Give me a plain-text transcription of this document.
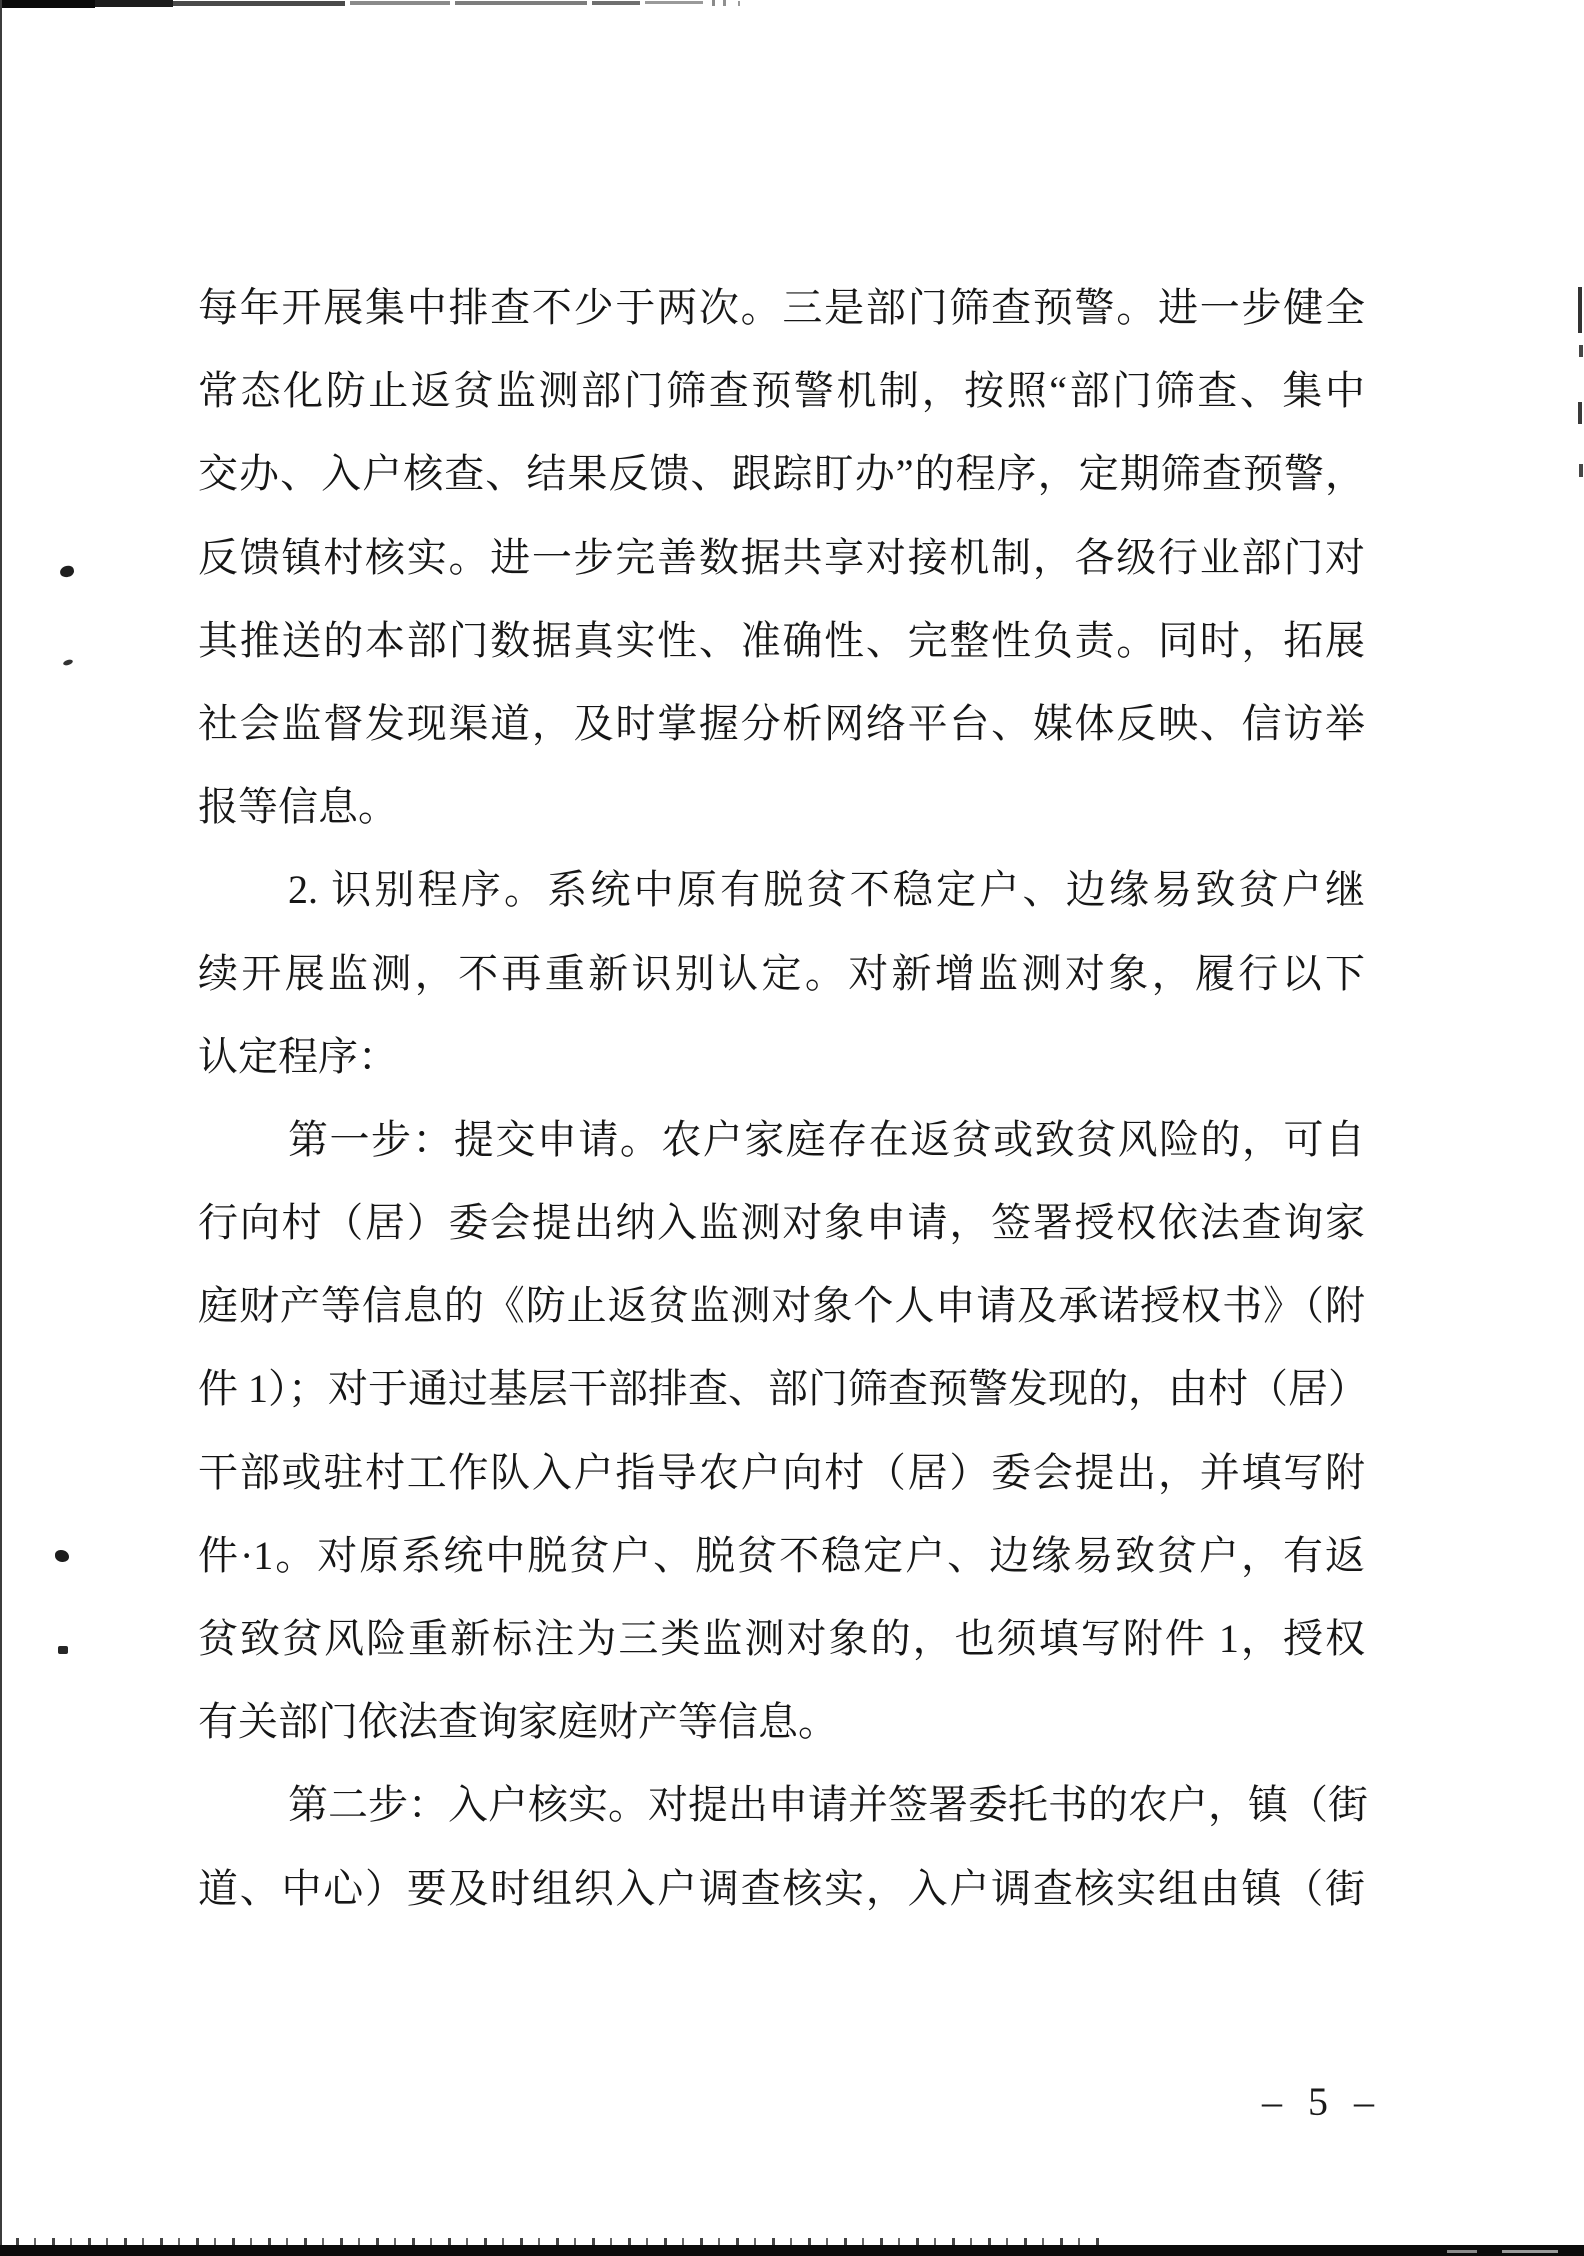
每年开展集中排查不少于两次。三是部门筛查预警。进一步健全
常态化防止返贫监测部门筛查预警机制，按照“部门筛查、集中
交办、入户核查、结果反馈、跟踪盯办”的程序，定期筛查预警，
反馈镇村核实。进一步完善数据共享对接机制，各级行业部门对
其推送的本部门数据真实性、准确性、完整性负责。同时，拓展
社会监督发现渠道，及时掌握分析网络平台、媒体反映、信访举
报等信息。
2. 识别程序。系统中原有脱贫不稳定户、边缘易致贫户继
续开展监测，不再重新识别认定。对新增监测对象，履行以下
认定程序：
第一步：提交申请。农户家庭存在返贫或致贫风险的，可自
行向村（居）委会提出纳入监测对象申请，签署授权依法查询家
庭财产等信息的《防止返贫监测对象个人申请及承诺授权书》（附
件 1）；对于通过基层干部排查、部门筛查预警发现的，由村（居）
干部或驻村工作队入户指导农户向村（居）委会提出，并填写附
件·1。对原系统中脱贫户、脱贫不稳定户、边缘易致贫户，有返
贫致贫风险重新标注为三类监测对象的，也须填写附件 1，授权
有关部门依法查询家庭财产等信息。
第二步：入户核实。对提出申请并签署委托书的农户，镇（街
道、中心）要及时组织入户调查核实，入户调查核实组由镇（街
– 5 –
